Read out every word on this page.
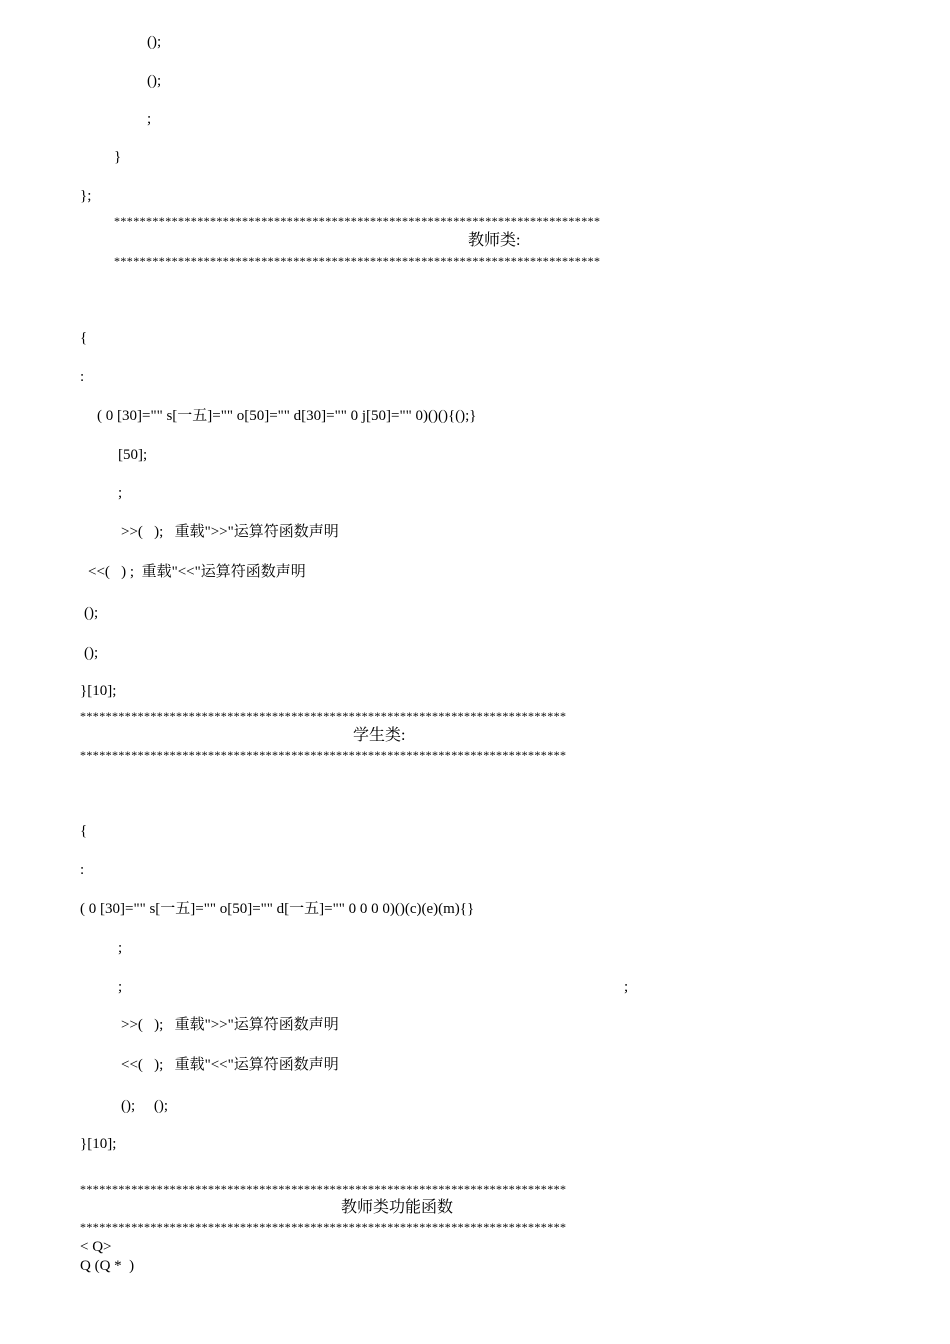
();
();
;
}
};
****************************************************************************
教师类:
****************************************************************************
{
:
( 0 [30]="" s[一五]="" o[50]="" d[30]="" 0 j[50]="" 0)()(){();}
[50];
;
>>(   );   重载">>"运算符函数声明
<<(   ) ;  重载"<<"运算符函数声明
();
();
}[10];
****************************************************************************
学生类:
****************************************************************************
{
:
( 0 [30]="" s[一五]="" o[50]="" d[一五]="" 0 0 0 0)()(c)(e)(m){}
;
;	;
>>(   );   重载">>"运算符函数声明
<<(   );   重载"<<"运算符函数声明
();     ();
}[10];
****************************************************************************
教师类功能函数
****************************************************************************
< Q>
Q (Q *  )
